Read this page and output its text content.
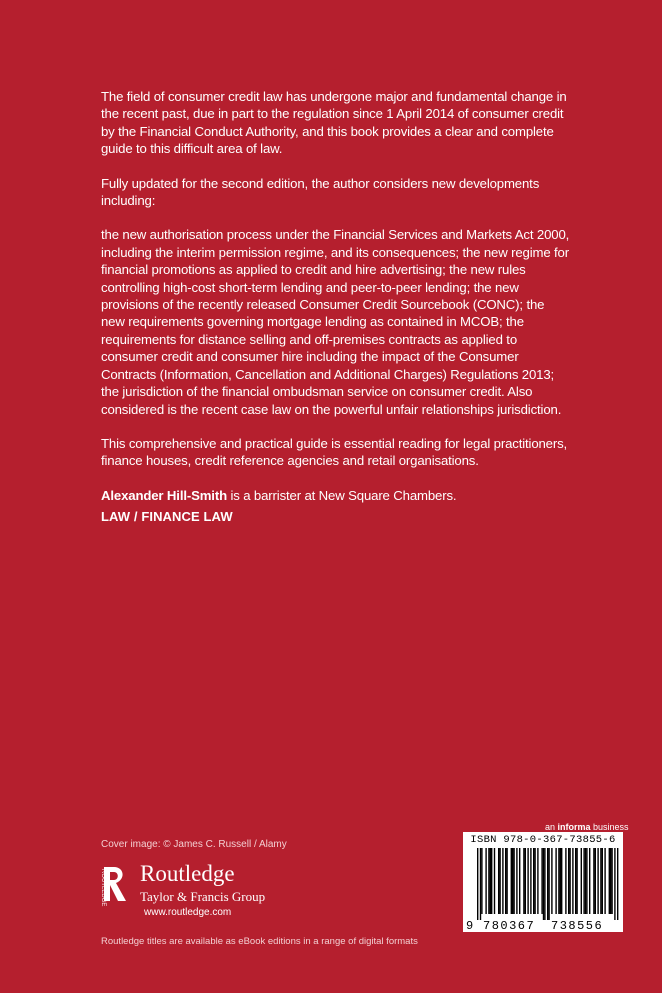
The field of consumer credit law has undergone major and fundamental change in the recent past, due in part to the regulation since 1 April 2014 of consumer credit by the Financial Conduct Authority, and this book provides a clear and complete guide to this difficult area of law.

Fully updated for the second edition, the author considers new developments including:

the new authorisation process under the Financial Services and Markets Act 2000, including the interim permission regime, and its consequences; the new regime for financial promotions as applied to credit and hire advertising; the new rules controlling high-cost short-term lending and peer-to-peer lending; the new provisions of the recently released Consumer Credit Sourcebook (CONC); the new requirements governing mortgage lending as contained in MCOB; the requirements for distance selling and off-premises contracts as applied to consumer credit and consumer hire including the impact of the Consumer Contracts (Information, Cancellation and Additional Charges) Regulations 2013; the jurisdiction of the financial ombudsman service on consumer credit. Also considered is the recent case law on the powerful unfair relationships jurisdiction.

This comprehensive and practical guide is essential reading for legal practitioners, finance houses, credit reference agencies and retail organisations.

Alexander Hill-Smith is a barrister at New Square Chambers.

LAW / FINANCE LAW
Cover image: © James C. Russell / Alamy
ROUTLEDGE Routledge
Taylor & Francis Group
www.routledge.com
Routledge titles are available as eBook editions in a range of digital formats
an informa business
ISBN 978-0-367-73855-6
9 780367 738556
